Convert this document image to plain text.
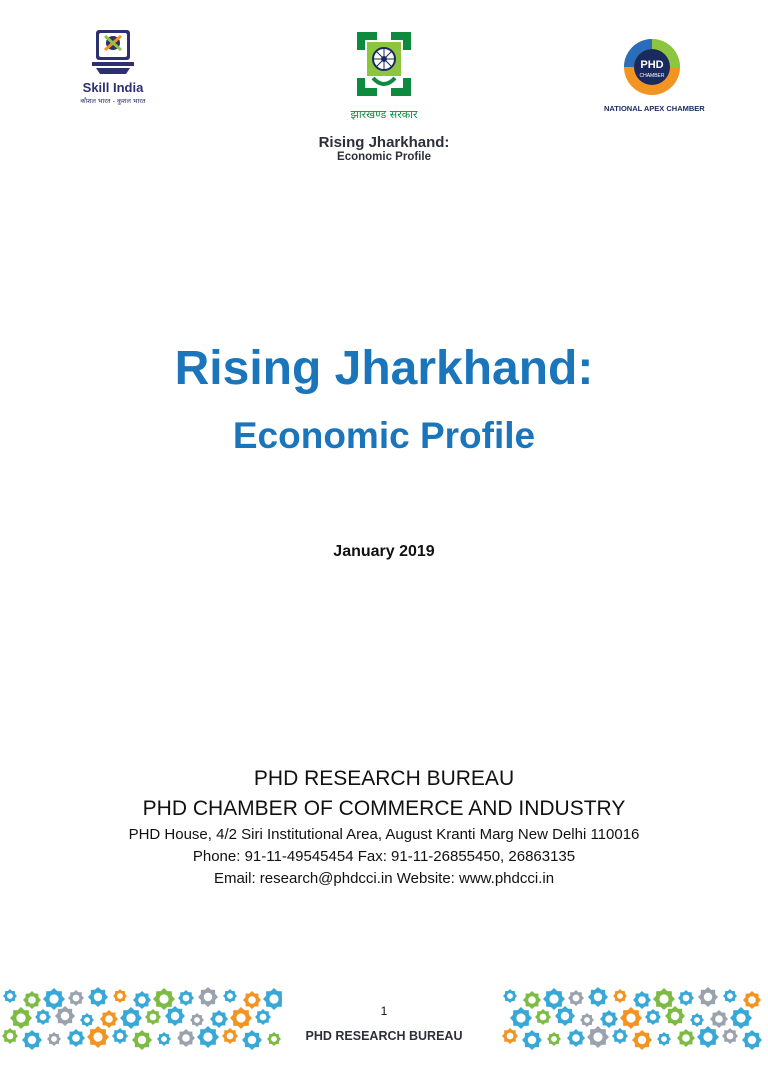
Skill India
कौशल भारत - कुशल भारत
झारखण्ड सरकार
PHD
CHAMBER
NATIONAL APEX CHAMBER
Rising Jharkhand:
Economic Profile
Rising Jharkhand:
Economic Profile
January 2019
PHD RESEARCH BUREAU
PHD CHAMBER OF COMMERCE AND INDUSTRY
PHD House, 4/2 Siri Institutional Area, August Kranti Marg New Delhi 110016
Phone: 91-11-49545454 Fax: 91-11-26855450, 26863135
Email: research@phdcci.in Website: www.phdcci.in
1
PHD RESEARCH BUREAU
